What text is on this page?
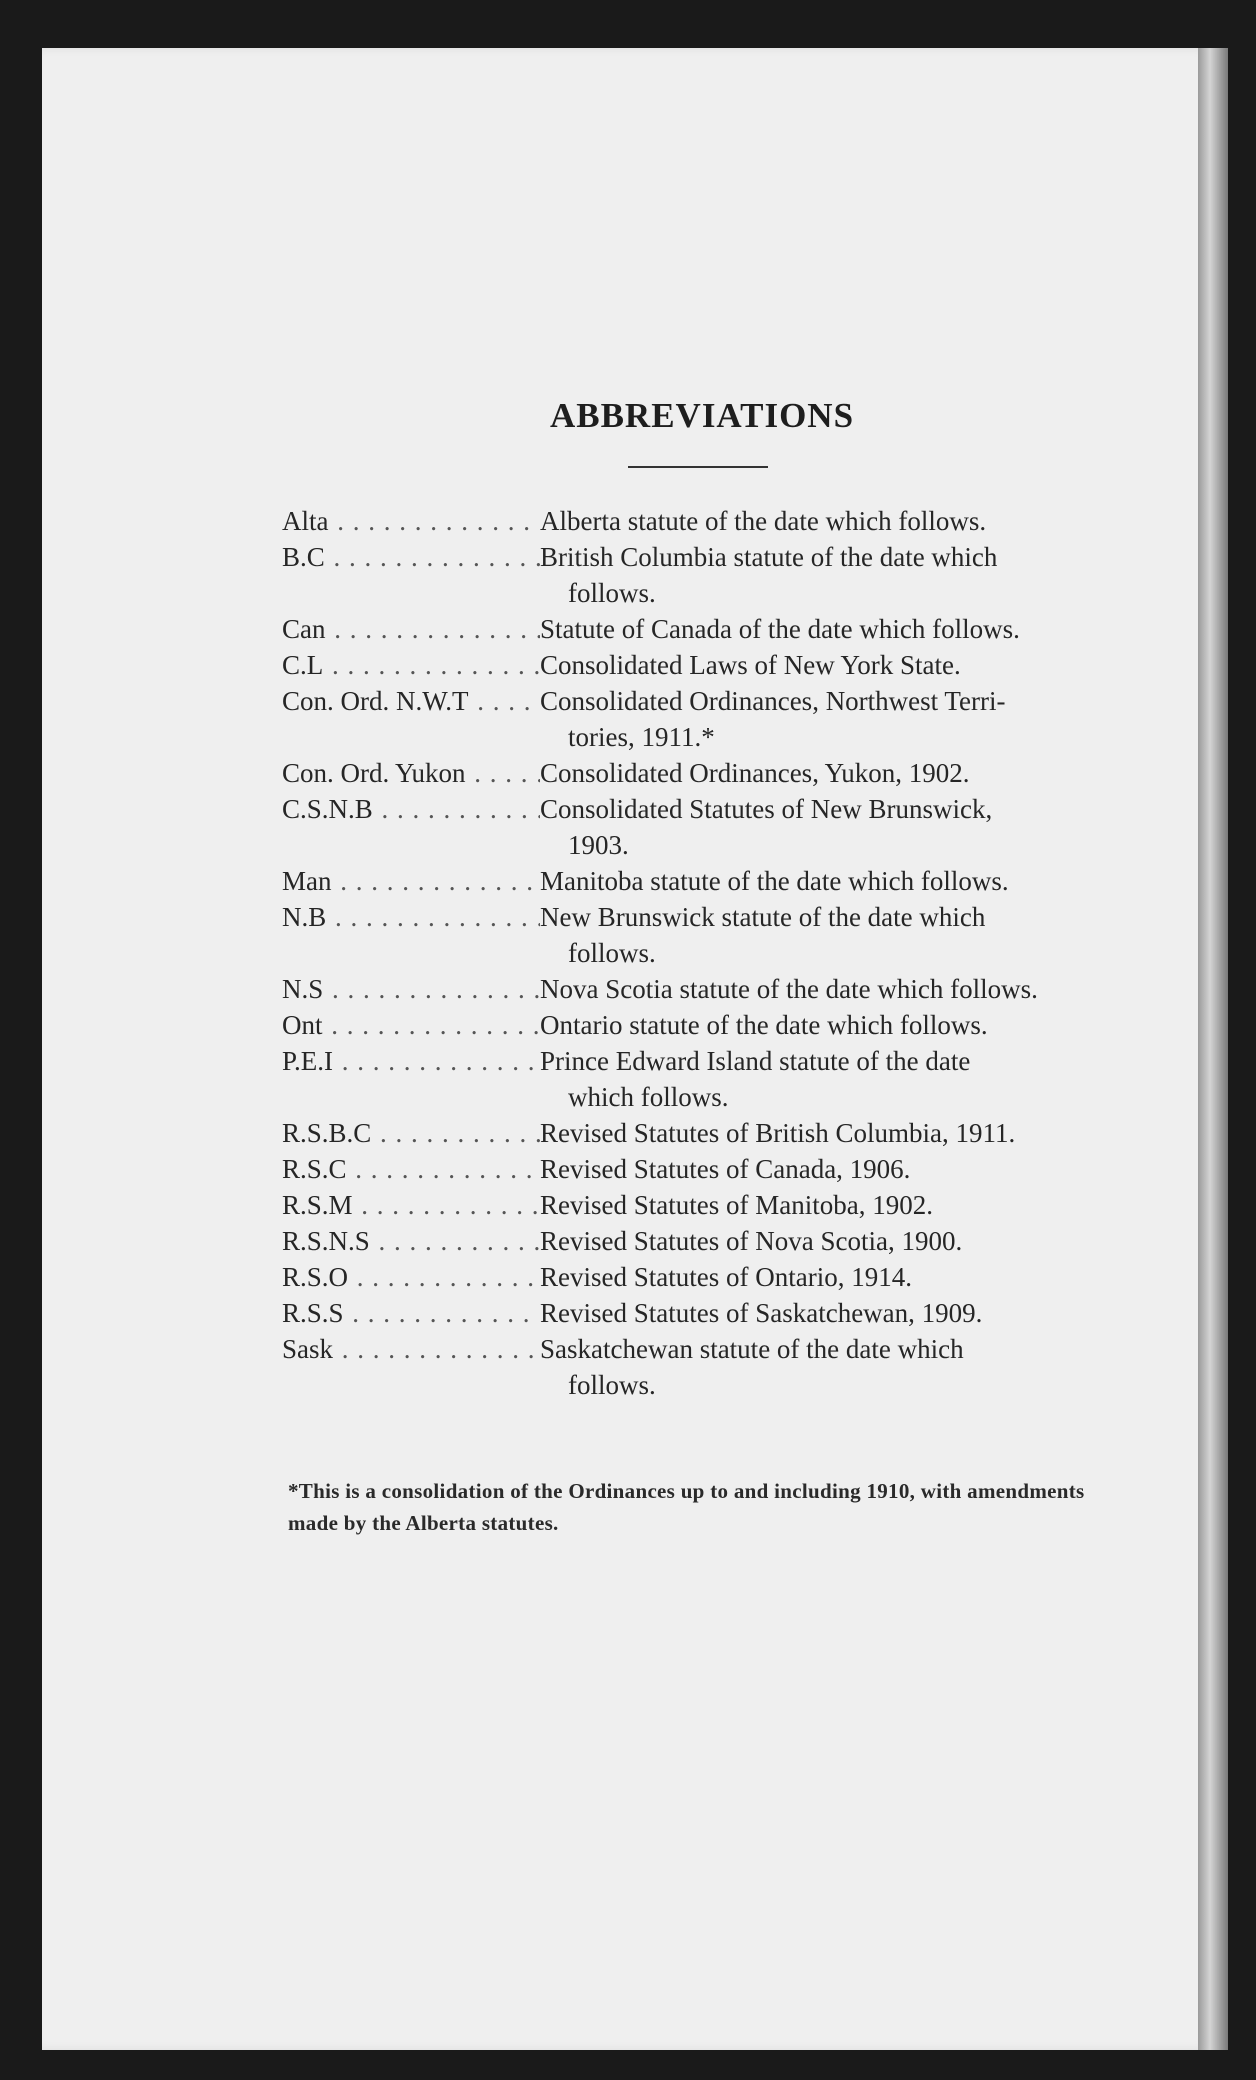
ABBREVIATIONS
Alta . . .	Alberta statute of the date which follows.
B.C . . .	British Columbia statute of the date which
follows.
Can . . .	Statute of Canada of the date which follows.
C.L . . .	Consolidated Laws of New York State.
Con. Ord. N.W.T . . .	Consolidated Ordinances, Northwest Terri-
tories, 1911.*
Con. Ord. Yukon . . .	Consolidated Ordinances, Yukon, 1902.
C.S.N.B . . .	Consolidated Statutes of New Brunswick,
1903.
Man . . .	Manitoba statute of the date which follows.
N.B . . .	New Brunswick statute of the date which
follows.
N.S . . .	Nova Scotia statute of the date which follows.
Ont . . .	Ontario statute of the date which follows.
P.E.I . . .	Prince Edward Island statute of the date
which follows.
R.S.B.C . . .	Revised Statutes of British Columbia, 1911.
R.S.C . . .	Revised Statutes of Canada, 1906.
R.S.M . . .	Revised Statutes of Manitoba, 1902.
R.S.N.S . . .	Revised Statutes of Nova Scotia, 1900.
R.S.O . . .	Revised Statutes of Ontario, 1914.
R.S.S . . .	Revised Statutes of Saskatchewan, 1909.
Sask . . .	Saskatchewan statute of the date which
follows.
*This is a consolidation of the Ordinances up to and including 1910, with amendments made by the Alberta statutes.
